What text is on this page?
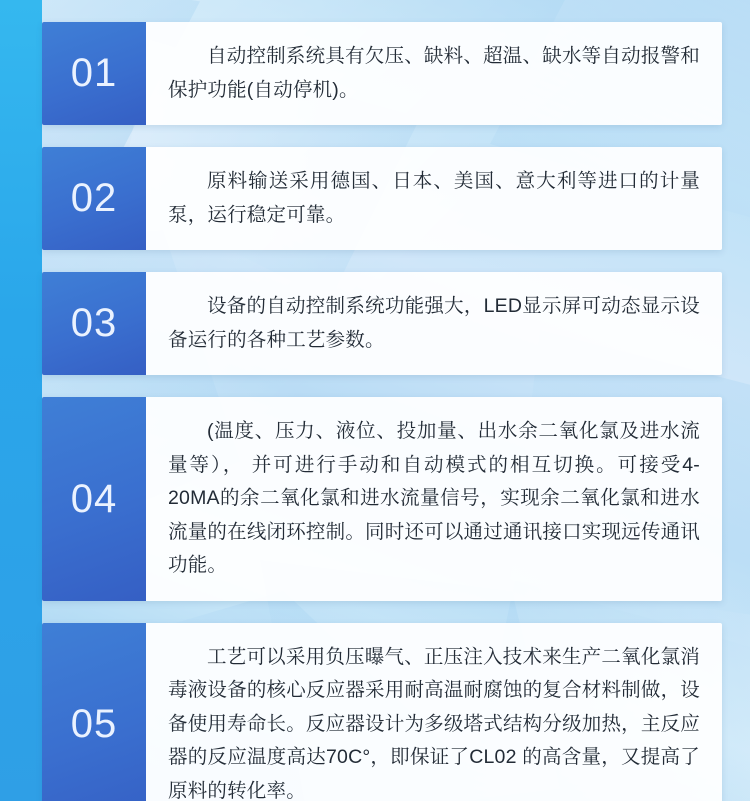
01	自动控制系统具有欠压、缺料、超温、缺水等自动报警和保护功能(自动停机)。
02	原料输送采用德国、日本、美国、意大利等进口的计量泵，运行稳定可靠。
03	设备的自动控制系统功能强大，LED显示屏可动态显示设备运行的各种工艺参数。
04
(温度、压力、液位、投加量、出水余二氧化氯及进水流量等）， 并可进行手动和自动模式的相互切换。可接受4-20MA的余二氧化氯和进水流量信号，实现余二氧化氯和进水流量的在线闭环控制。同时还可以通过通讯接口实现远传通讯功能。
05
工艺可以采用负压曝气、正压注入技术来生产二氧化氯消毒液设备的核心反应器采用耐高温耐腐蚀的复合材料制做，设备使用寿命长。反应器设计为多级塔式结构分级加热，主反应器的反应温度高达70C°，即保证了CL02 的高含量，又提高了原料的转化率。
